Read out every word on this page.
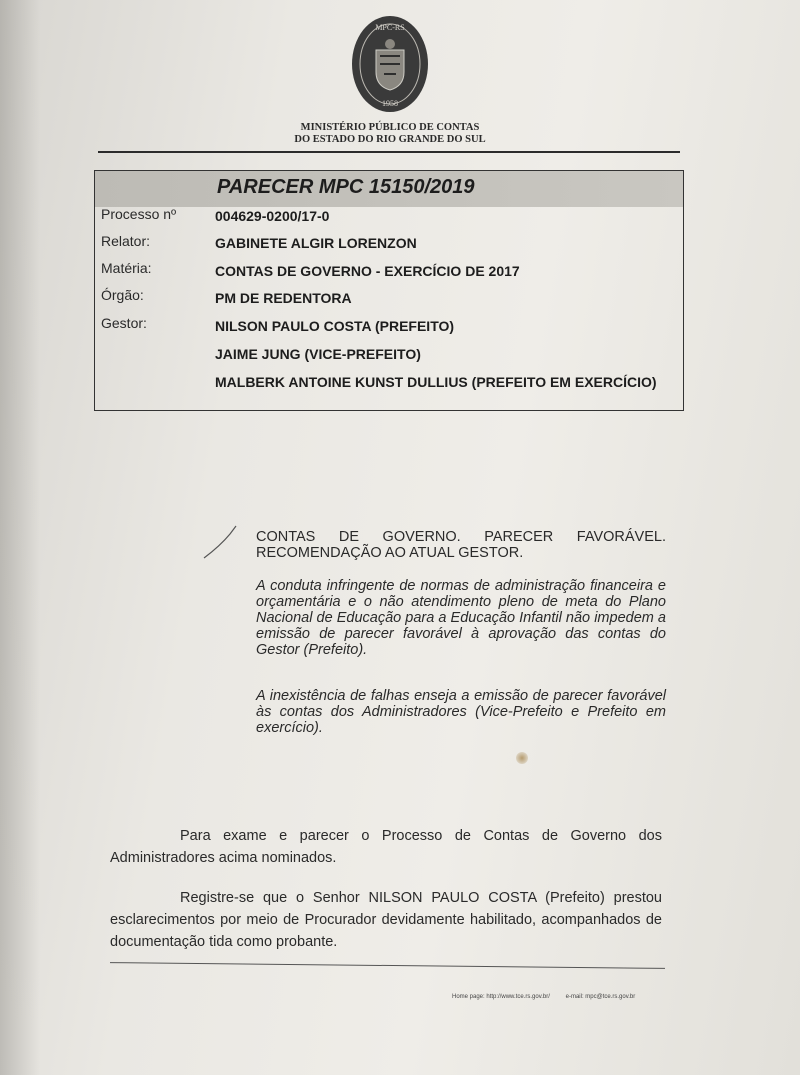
MPC-RS
1958
MINISTÉRIO PÚBLICO DE CONTAS
DO ESTADO DO RIO GRANDE DO SUL
PARECER MPC 15150/2019
Processo nº	004629-0200/17-0
Relator:	GABINETE ALGIR LORENZON
Matéria:	CONTAS DE GOVERNO - EXERCÍCIO DE 2017
Órgão:	PM DE REDENTORA
Gestor:	NILSON PAULO COSTA (PREFEITO)
JAIME JUNG (VICE-PREFEITO)
MALBERK ANTOINE KUNST DULLIUS (PREFEITO EM EXERCÍCIO)
CONTAS DE GOVERNO. PARECER FAVORÁVEL. RECOMENDAÇÃO AO ATUAL GESTOR.
A conduta infringente de normas de administração financeira e orçamentária e o não atendimento pleno de meta do Plano Nacional de Educação para a Educação Infantil não impedem a emissão de parecer favorável à aprovação das contas do Gestor (Prefeito).
A inexistência de falhas enseja a emissão de parecer favorável às contas dos Administradores (Vice-Prefeito e Prefeito em exercício).
Para exame e parecer o Processo de Contas de Governo dos Administradores acima nominados.
Registre-se que o Senhor NILSON PAULO COSTA (Prefeito) prestou esclarecimentos por meio de Procurador devidamente habilitado, acompanhados de documentação tida como probante.
Home page: http://www.tce.rs.gov.br/	e-mail: mpc@tce.rs.gov.br
